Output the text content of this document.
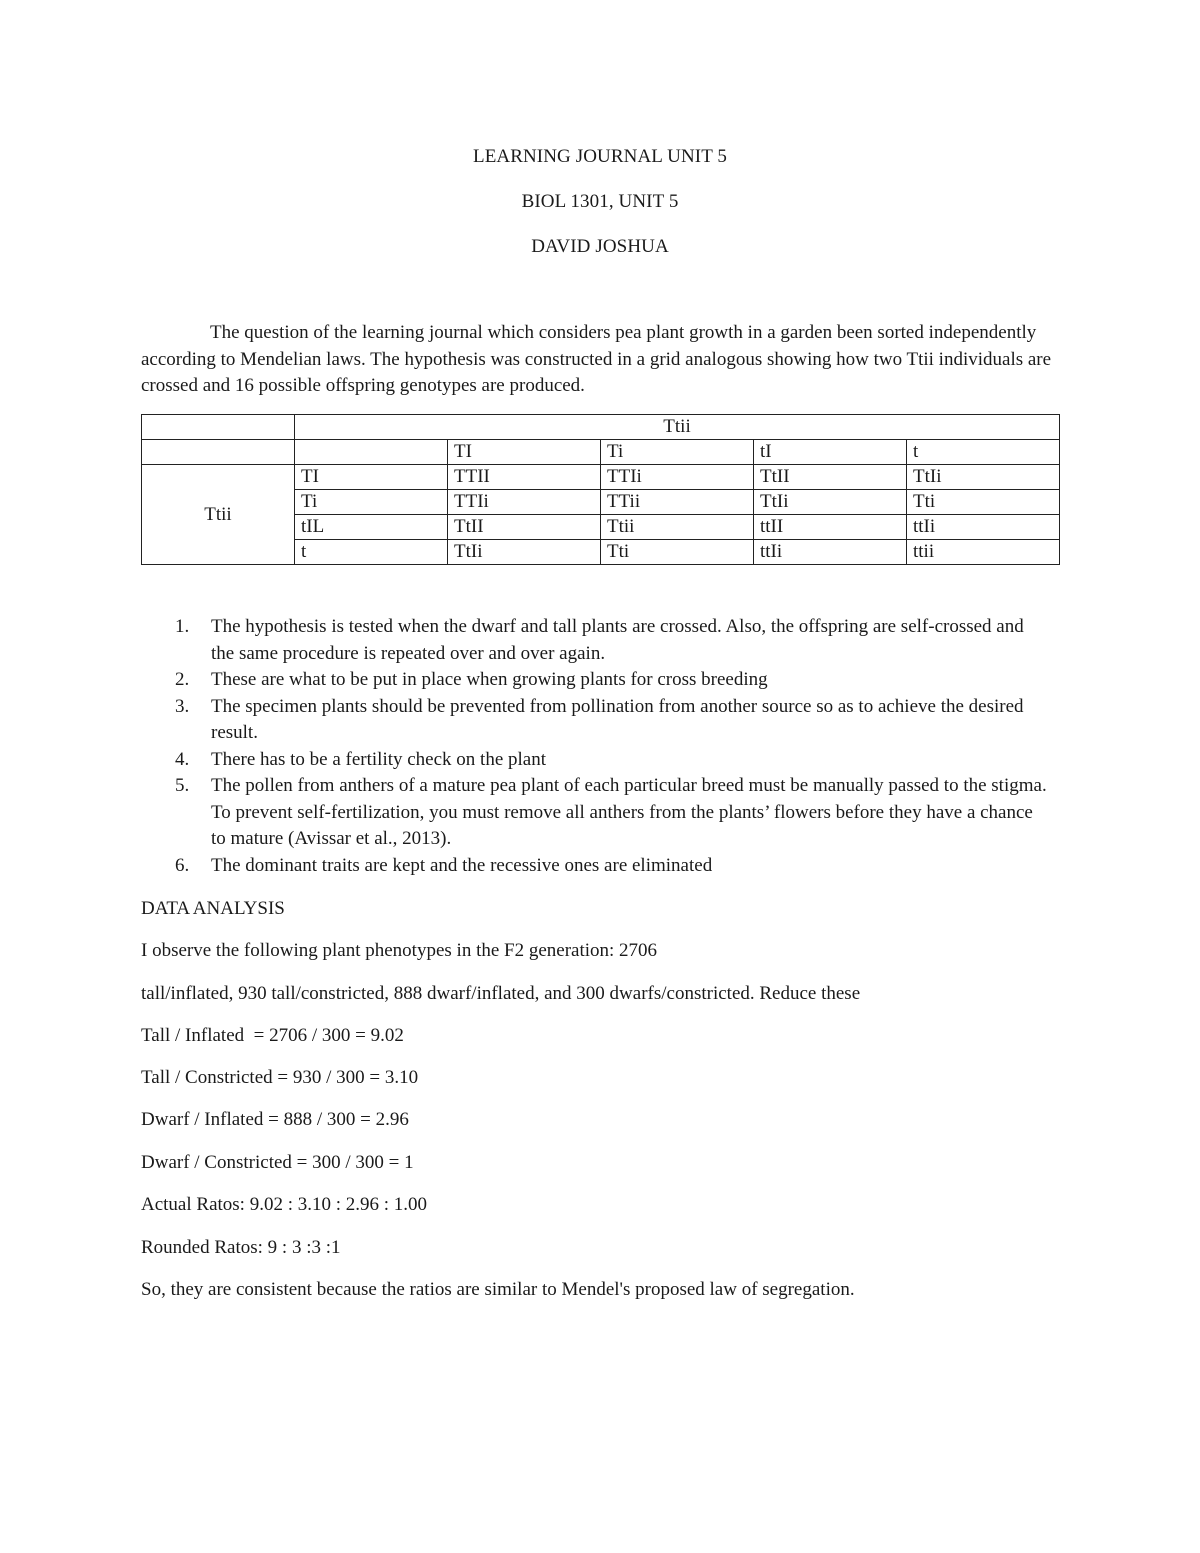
LEARNING JOURNAL UNIT 5
BIOL 1301, UNIT 5
DAVID JOSHUA

The question of the learning journal which considers pea plant growth in a garden been sorted independently according to Mendelian laws. The hypothesis was constructed in a grid analogous showing how two Ttii individuals are crossed and 16 possible offspring genotypes are produced.

	Ttii				
		TI	Ti	tI	t
Ttii	TI	TTII	TTIi	TtII	TtIi
	Ti	TTIi	TTii	TtIi	Tti
	tIL	TtII	Ttii	ttII	ttIi
	t	TtIi	Tti	ttIi	ttii
1. The hypothesis is tested when the dwarf and tall plants are crossed. Also, the offspring are self-crossed and the same procedure is repeated over and over again.
2. These are what to be put in place when growing plants for cross breeding
3. The specimen plants should be prevented from pollination from another source so as to achieve the desired result.
4. There has to be a fertility check on the plant
5. The pollen from anthers of a mature pea plant of each particular breed must be manually passed to the stigma. To prevent self-fertilization, you must remove all anthers from the plants’ flowers before they have a chance to mature (Avissar et al., 2013).
6. The dominant traits are kept and the recessive ones are eliminated
DATA ANALYSIS
I observe the following plant phenotypes in the F2 generation: 2706
tall/inflated, 930 tall/constricted, 888 dwarf/inflated, and 300 dwarfs/constricted. Reduce these
Tall / Inflated  = 2706 / 300 = 9.02
Tall / Constricted = 930 / 300 = 3.10
Dwarf / Inflated = 888 / 300 = 2.96
Dwarf / Constricted = 300 / 300 = 1
Actual Ratos: 9.02 : 3.10 : 2.96 : 1.00
Rounded Ratos: 9 : 3 :3 :1
So, they are consistent because the ratios are similar to Mendel's proposed law of segregation.
